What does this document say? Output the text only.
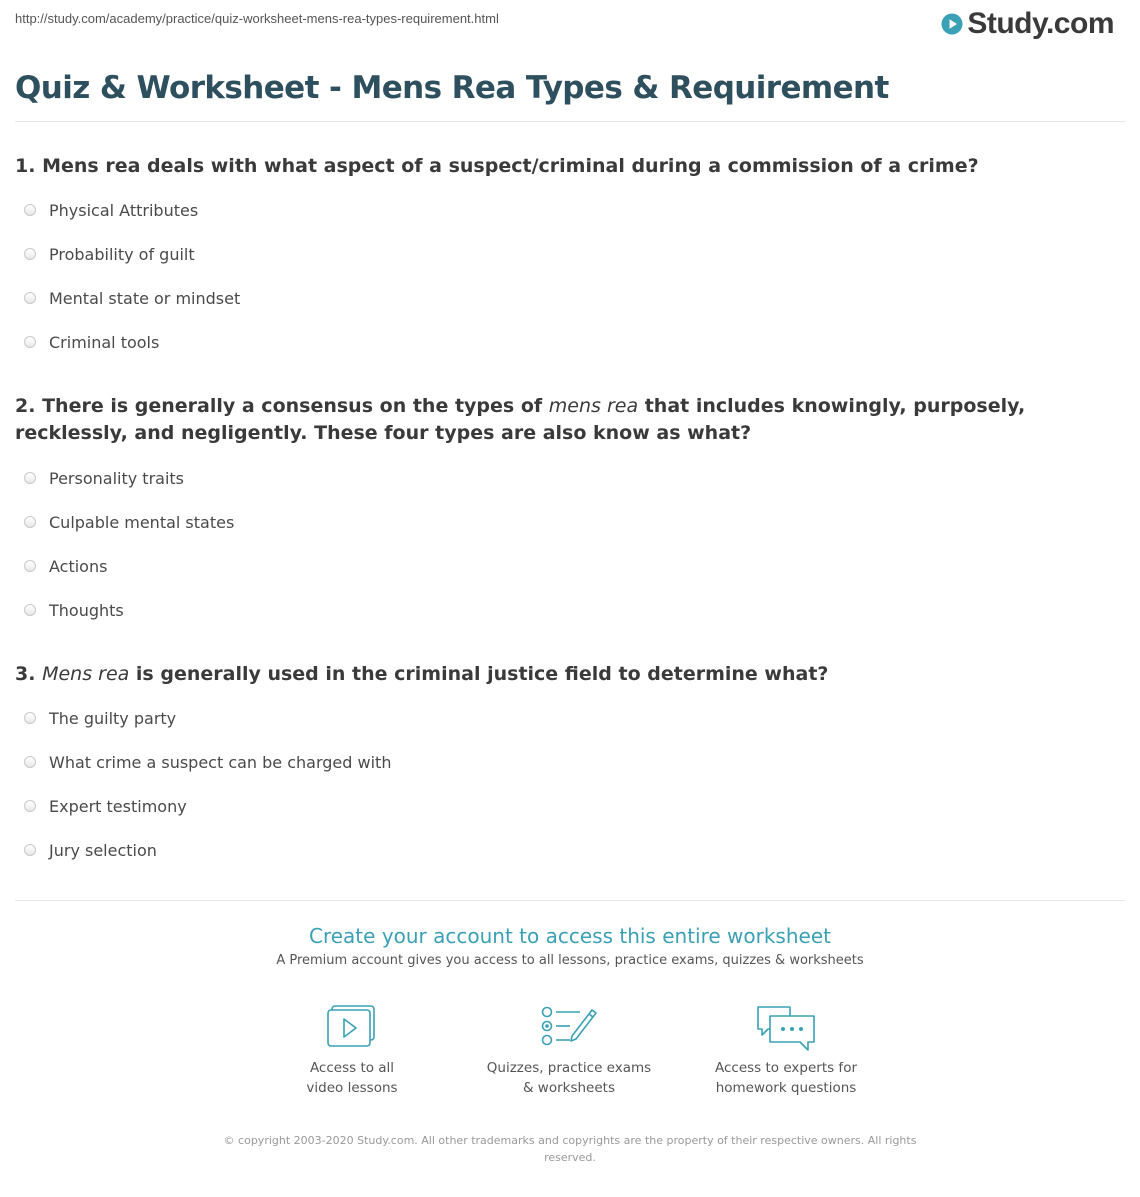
http://study.com/academy/practice/quiz-worksheet-mens-rea-types-requirement.html	Study.com
Quiz & Worksheet - Mens Rea Types & Requirement

1. Mens rea deals with what aspect of a suspect/criminal during a commission of a crime?

Physical Attributes
Probability of guilt
Mental state or mindset
Criminal tools

2. There is generally a consensus on the types of mens rea that includes knowingly, purposely, recklessly, and negligently. These four types are also know as what?

Personality traits
Culpable mental states
Actions
Thoughts

3. Mens rea is generally used in the criminal justice field to determine what?

The guilty party
What crime a suspect can be charged with
Expert testimony
Jury selection
Create your account to access this entire worksheet
A Premium account gives you access to all lessons, practice exams, quizzes & worksheets
Access to all
video lessons
Quizzes, practice exams
& worksheets
Access to experts for
homework questions
© copyright 2003-2020 Study.com. All other trademarks and copyrights are the property of their respective owners. All rights
reserved.
